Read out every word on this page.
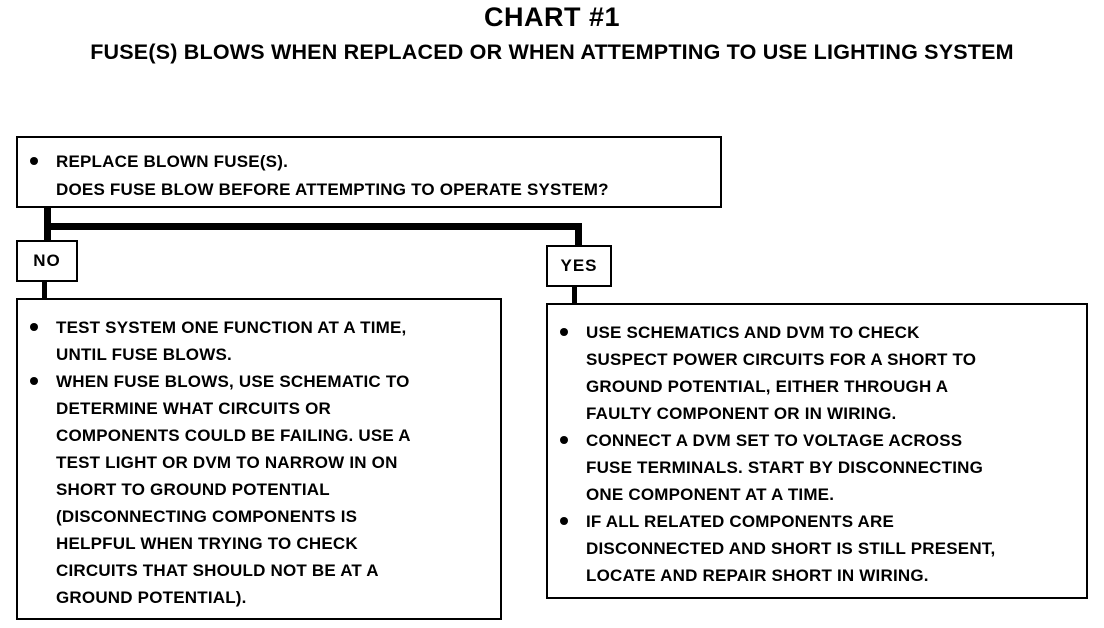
CHART #1
FUSE(S) BLOWS WHEN REPLACED OR WHEN ATTEMPTING TO USE LIGHTING SYSTEM
REPLACE BLOWN FUSE(S).
DOES FUSE BLOW BEFORE ATTEMPTING TO OPERATE SYSTEM?
NO	YES
TEST SYSTEM ONE FUNCTION AT A TIME,
UNTIL FUSE BLOWS.
WHEN FUSE BLOWS, USE SCHEMATIC TO
DETERMINE WHAT CIRCUITS OR
COMPONENTS COULD BE FAILING. USE A
TEST LIGHT OR DVM TO NARROW IN ON
SHORT TO GROUND POTENTIAL
(DISCONNECTING COMPONENTS IS
HELPFUL WHEN TRYING TO CHECK
CIRCUITS THAT SHOULD NOT BE AT A
GROUND POTENTIAL).
USE SCHEMATICS AND DVM TO CHECK
SUSPECT POWER CIRCUITS FOR A SHORT TO
GROUND POTENTIAL, EITHER THROUGH A
FAULTY COMPONENT OR IN WIRING.
CONNECT A DVM SET TO VOLTAGE ACROSS
FUSE TERMINALS. START BY DISCONNECTING
ONE COMPONENT AT A TIME.
IF ALL RELATED COMPONENTS ARE
DISCONNECTED AND SHORT IS STILL PRESENT,
LOCATE AND REPAIR SHORT IN WIRING.
